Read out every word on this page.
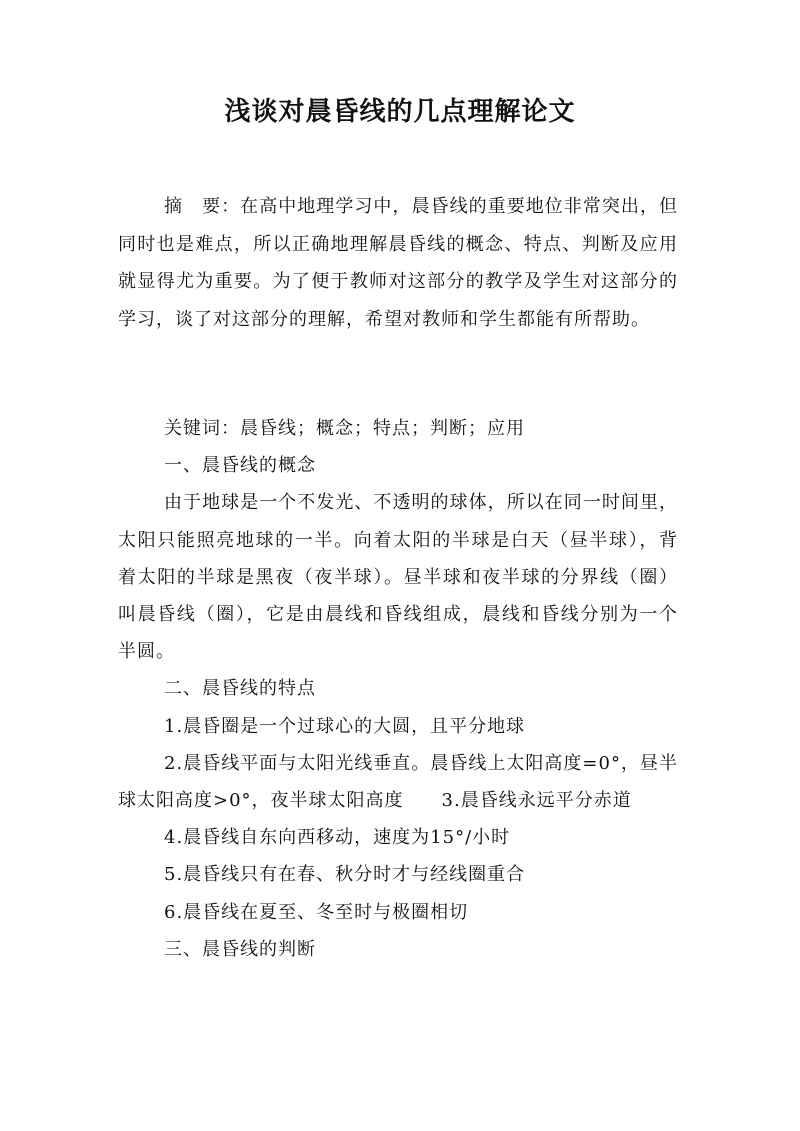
浅谈对晨昏线的几点理解论文
摘　要：在高中地理学习中，晨昏线的重要地位非常突出，但同时也是难点，所以正确地理解晨昏线的概念、特点、判断及应用就显得尤为重要。为了便于教师对这部分的教学及学生对这部分的学习，谈了对这部分的理解，希望对教师和学生都能有所帮助。

关键词：晨昏线；概念；特点；判断；应用

一、晨昏线的概念

由于地球是一个不发光、不透明的球体，所以在同一时间里，太阳只能照亮地球的一半。向着太阳的半球是白天（昼半球），背着太阳的半球是黑夜（夜半球）。昼半球和夜半球的分界线（圈）叫晨昏线（圈），它是由晨线和昏线组成，晨线和昏线分别为一个半圆。

二、晨昏线的特点

1.晨昏圈是一个过球心的大圆，且平分地球

2.晨昏线平面与太阳光线垂直。晨昏线上太阳高度=0°，昼半球太阳高度>0°，夜半球太阳高度　　3.晨昏线永远平分赤道

4.晨昏线自东向西移动，速度为15°/小时

5.晨昏线只有在春、秋分时才与经线圈重合

6.晨昏线在夏至、冬至时与极圈相切

三、晨昏线的判断
